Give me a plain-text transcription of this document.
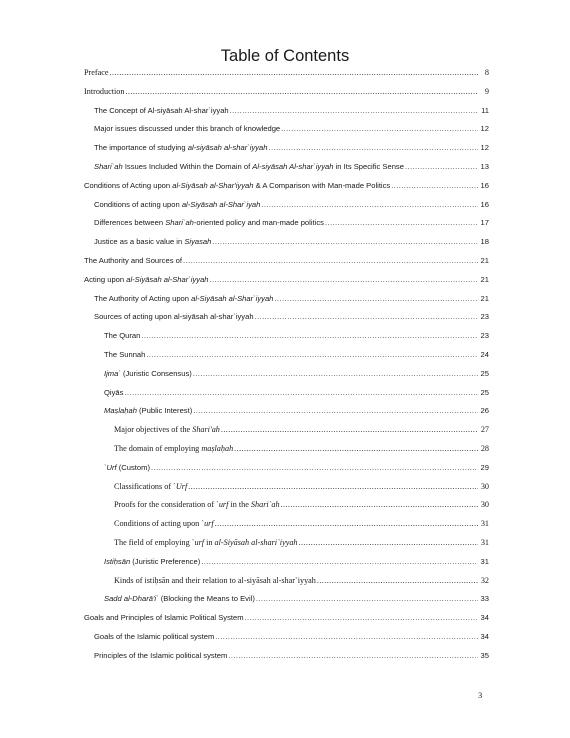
Table of Contents
Preface .....	8
Introduction .....	9
The Concept of Al-siyāsah Al-shar`iyyah .....	11
Major issues discussed under this branch of knowledge .....	12
The importance of studying al-siyāsah al-shar`iyyah .....	12
Shari`ah Issues Included Within the Domain of Al-siyāsah Al-shar`iyyah in Its Specific Sense .....	13
Conditions of Acting upon al-Siyāsah al-Shar'iyyah & A Comparison with Man-made Politics .....	16
Conditions of acting upon al-Siyāsah al-Shar`iyah .....	16
Differences between Shari`ah-oriented policy and man-made politics .....	17
Justice as a basic value in Siyasah .....	18
The Authority and Sources of .....	21
Acting upon al-Siyāsah al-Shar`iyyah .....	21
The Authority of Acting upon al-Siyāsah al-Shar`iyyah .....	21
Sources of acting upon al-siyāsah al-shar`iyyah .....	23
The Quran .....	23
The Sunnah .....	24
Ijma` (Juristic Consensus) .....	25
Qiyās .....	25
Maṣlaḥah (Public Interest) .....	26
Major objectives of the Shari'ah .....	27
The domain of employing maṣlaḥah .....	28
`Urf (Custom) .....	29
Classifications of `Urf .....	30
Proofs for the consideration of `urf in the Shari`ah .....	30
Conditions of acting upon `urf .....	31
The field of employing `urf in al-Siyāsah al-shari`iyyah .....	31
Istiḥsān (Juristic Preference) .....	31
Kinds of istiḥsān and their relation to al-siyāsah al-shar`iyyah .....	32
Sadd al-Dharā'i` (Blocking the Means to Evil) .....	33
Goals and Principles of Islamic Political System .....	34
Goals of the Islamic political system .....	34
Principles of the Islamic political system .....	35
3
